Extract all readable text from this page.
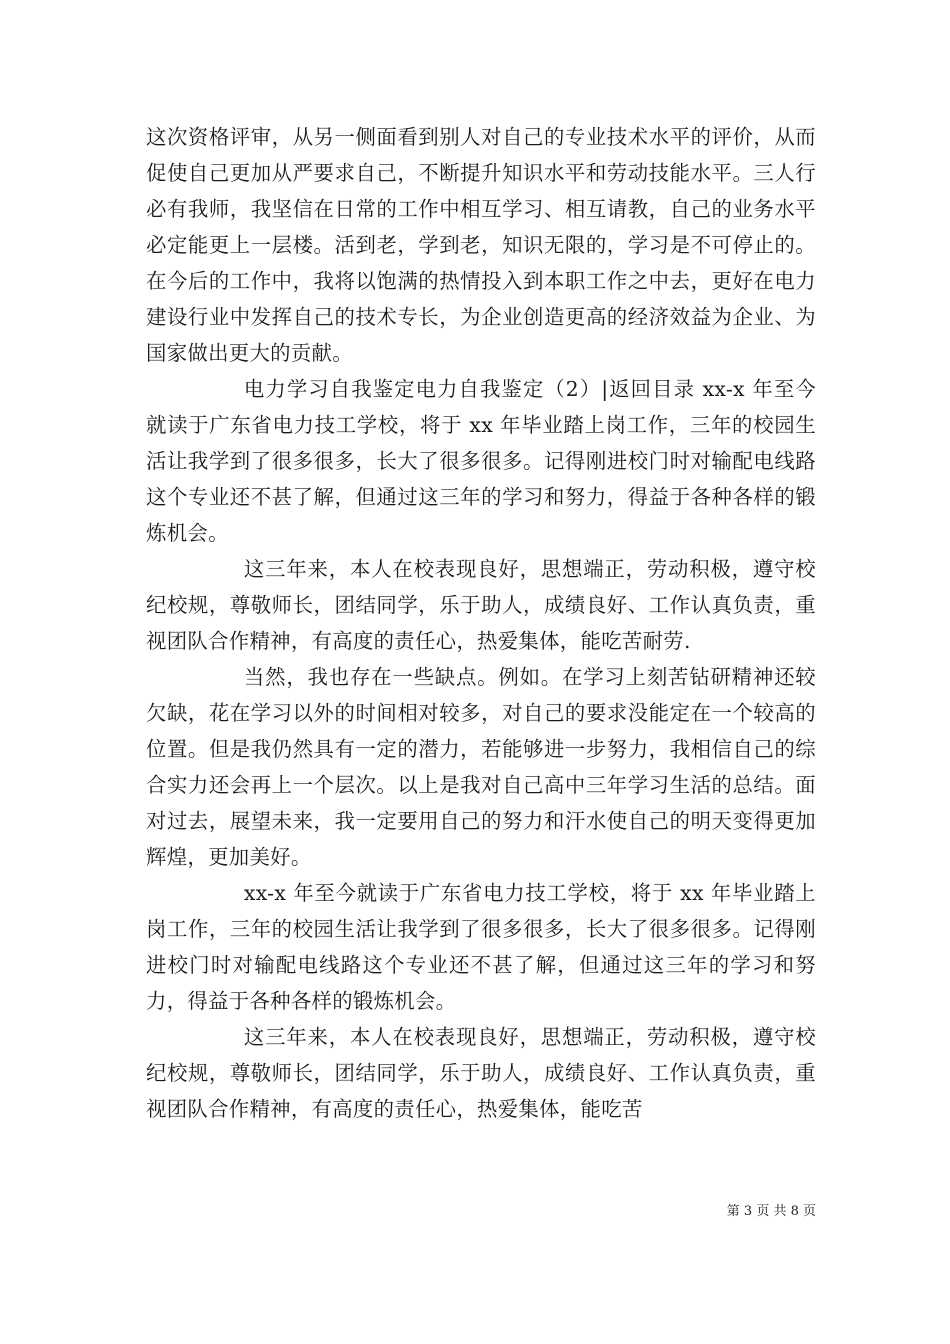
这次资格评审，从另一侧面看到别人对自己的专业技术水平的评价，从而促使自己更加从严要求自己，不断提升知识水平和劳动技能水平。三人行必有我师，我坚信在日常的工作中相互学习、相互请教，自己的业务水平必定能更上一层楼。活到老，学到老，知识无限的，学习是不可停止的。在今后的工作中，我将以饱满的热情投入到本职工作之中去，更好在电力建设行业中发挥自己的技术专长，为企业创造更高的经济效益为企业、为国家做出更大的贡献。

电力学习自我鉴定电力自我鉴定（2）|返回目录 xx-x 年至今就读于广东省电力技工学校，将于 xx 年毕业踏上岗工作，三年的校园生活让我学到了很多很多，长大了很多很多。记得刚进校门时对输配电线路这个专业还不甚了解，但通过这三年的学习和努力，得益于各种各样的锻炼机会。

这三年来，本人在校表现良好，思想端正，劳动积极，遵守校纪校规，尊敬师长，团结同学，乐于助人，成绩良好、工作认真负责，重视团队合作精神，有高度的责任心，热爱集体，能吃苦耐劳.

当然，我也存在一些缺点。例如。在学习上刻苦钻研精神还较欠缺，花在学习以外的时间相对较多，对自己的要求没能定在一个较高的位置。但是我仍然具有一定的潜力，若能够进一步努力，我相信自己的综合实力还会再上一个层次。以上是我对自己高中三年学习生活的总结。面对过去，展望未来，我一定要用自己的努力和汗水使自己的明天变得更加辉煌，更加美好。

xx-x 年至今就读于广东省电力技工学校，将于 xx 年毕业踏上岗工作，三年的校园生活让我学到了很多很多，长大了很多很多。记得刚进校门时对输配电线路这个专业还不甚了解，但通过这三年的学习和努力，得益于各种各样的锻炼机会。

这三年来，本人在校表现良好，思想端正，劳动积极，遵守校纪校规，尊敬师长，团结同学，乐于助人，成绩良好、工作认真负责，重视团队合作精神，有高度的责任心，热爱集体，能吃苦

第 3 页 共 8 页
